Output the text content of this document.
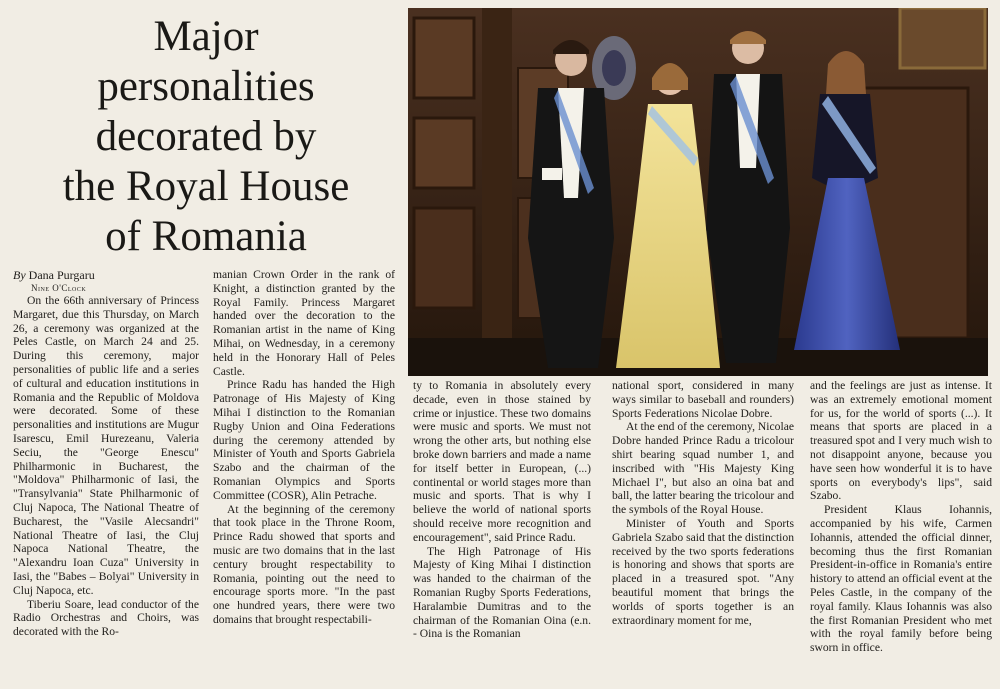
Major
personalities
decorated by
the Royal House
of Romania
By Dana Purgaru
Nine O'Clock

On the 66th anniversary of Princess Margaret, due this Thursday, on March 26, a ceremony was organized at the Peles Castle, on March 24 and 25. During this ceremony, major personalities of public life and a series of cultural and education institutions in Romania and the Republic of Moldova were decorated. Some of these personalities and institutions are Mugur Isarescu, Emil Hurezeanu, Valeria Seciu, the "George Enescu" Philharmonic in Bucharest, the "Moldova" Philharmonic of Iasi, the "Transylvania" State Philharmonic of Cluj Napoca, The National Theatre of Bucharest, the "Vasile Alecsandri" National Theatre of Iasi, the Cluj Napoca National Theatre, the "Alexandru Ioan Cuza" University in Iasi, the "Babes – Bolyai" University in Cluj Napoca, etc.

Tiberiu Soare, lead conductor of the Radio Orchestras and Choirs, was decorated with the Ro-

manian Crown Order in the rank of Knight, a distinction granted by the Royal Family. Princess Margaret handed over the decoration to the Romanian artist in the name of King Mihai, on Wednesday, in a ceremony held in the Honorary Hall of Peles Castle.

Prince Radu has handed the High Patronage of His Majesty of King Mihai I distinction to the Romanian Rugby Union and Oina Federations during the ceremony attended by Minister of Youth and Sports Gabriela Szabo and the chairman of the Romanian Olympics and Sports Committee (COSR), Alin Petrache.

At the beginning of the ceremony that took place in the Throne Room, Prince Radu showed that sports and music are two domains that in the last century brought respectability to Romania, pointing out the need to encourage sports more. "In the past one hundred years, there were two domains that brought respectabili-

ty to Romania in absolutely every decade, even in those stained by crime or injustice. These two domains were music and sports. We must not wrong the other arts, but nothing else broke down barriers and made a name for itself better in European, (...) continental or world stages more than music and sports. That is why I believe the world of national sports should receive more recognition and encouragement", said Prince Radu.

The High Patronage of His Majesty of King Mihai I distinction was handed to the chairman of the Romanian Rugby Sports Federations, Haralambie Dumitras and to the chairman of the Romanian Oina (e.n. - Oina is the Romanian

national sport, considered in many ways similar to baseball and rounders) Sports Federations Nicolae Dobre.

At the end of the ceremony, Nicolae Dobre handed Prince Radu a tricolour shirt bearing squad number 1, and inscribed with "His Majesty King Michael I", but also an oina bat and ball, the latter bearing the tricolour and the symbols of the Royal House.

Minister of Youth and Sports Gabriela Szabo said that the distinction received by the two sports federations is honoring and shows that sports are placed in a treasured spot. "Any beautiful moment that brings the worlds of sports together is an extraordinary moment for me,

and the feelings are just as intense. It was an extremely emotional moment for us, for the world of sports (...). It means that sports are placed in a treasured spot and I very much wish to not disappoint anyone, because you have seen how wonderful it is to have sports on everybody's lips", said Szabo.

President Klaus Iohannis, accompanied by his wife, Carmen Iohannis, attended the official dinner, becoming thus the first Romanian President-in-office in Romania's entire history to attend an official event at the Peles Castle, in the company of the royal family. Klaus Iohannis was also the first Romanian President who met with the royal family before being sworn in office.
